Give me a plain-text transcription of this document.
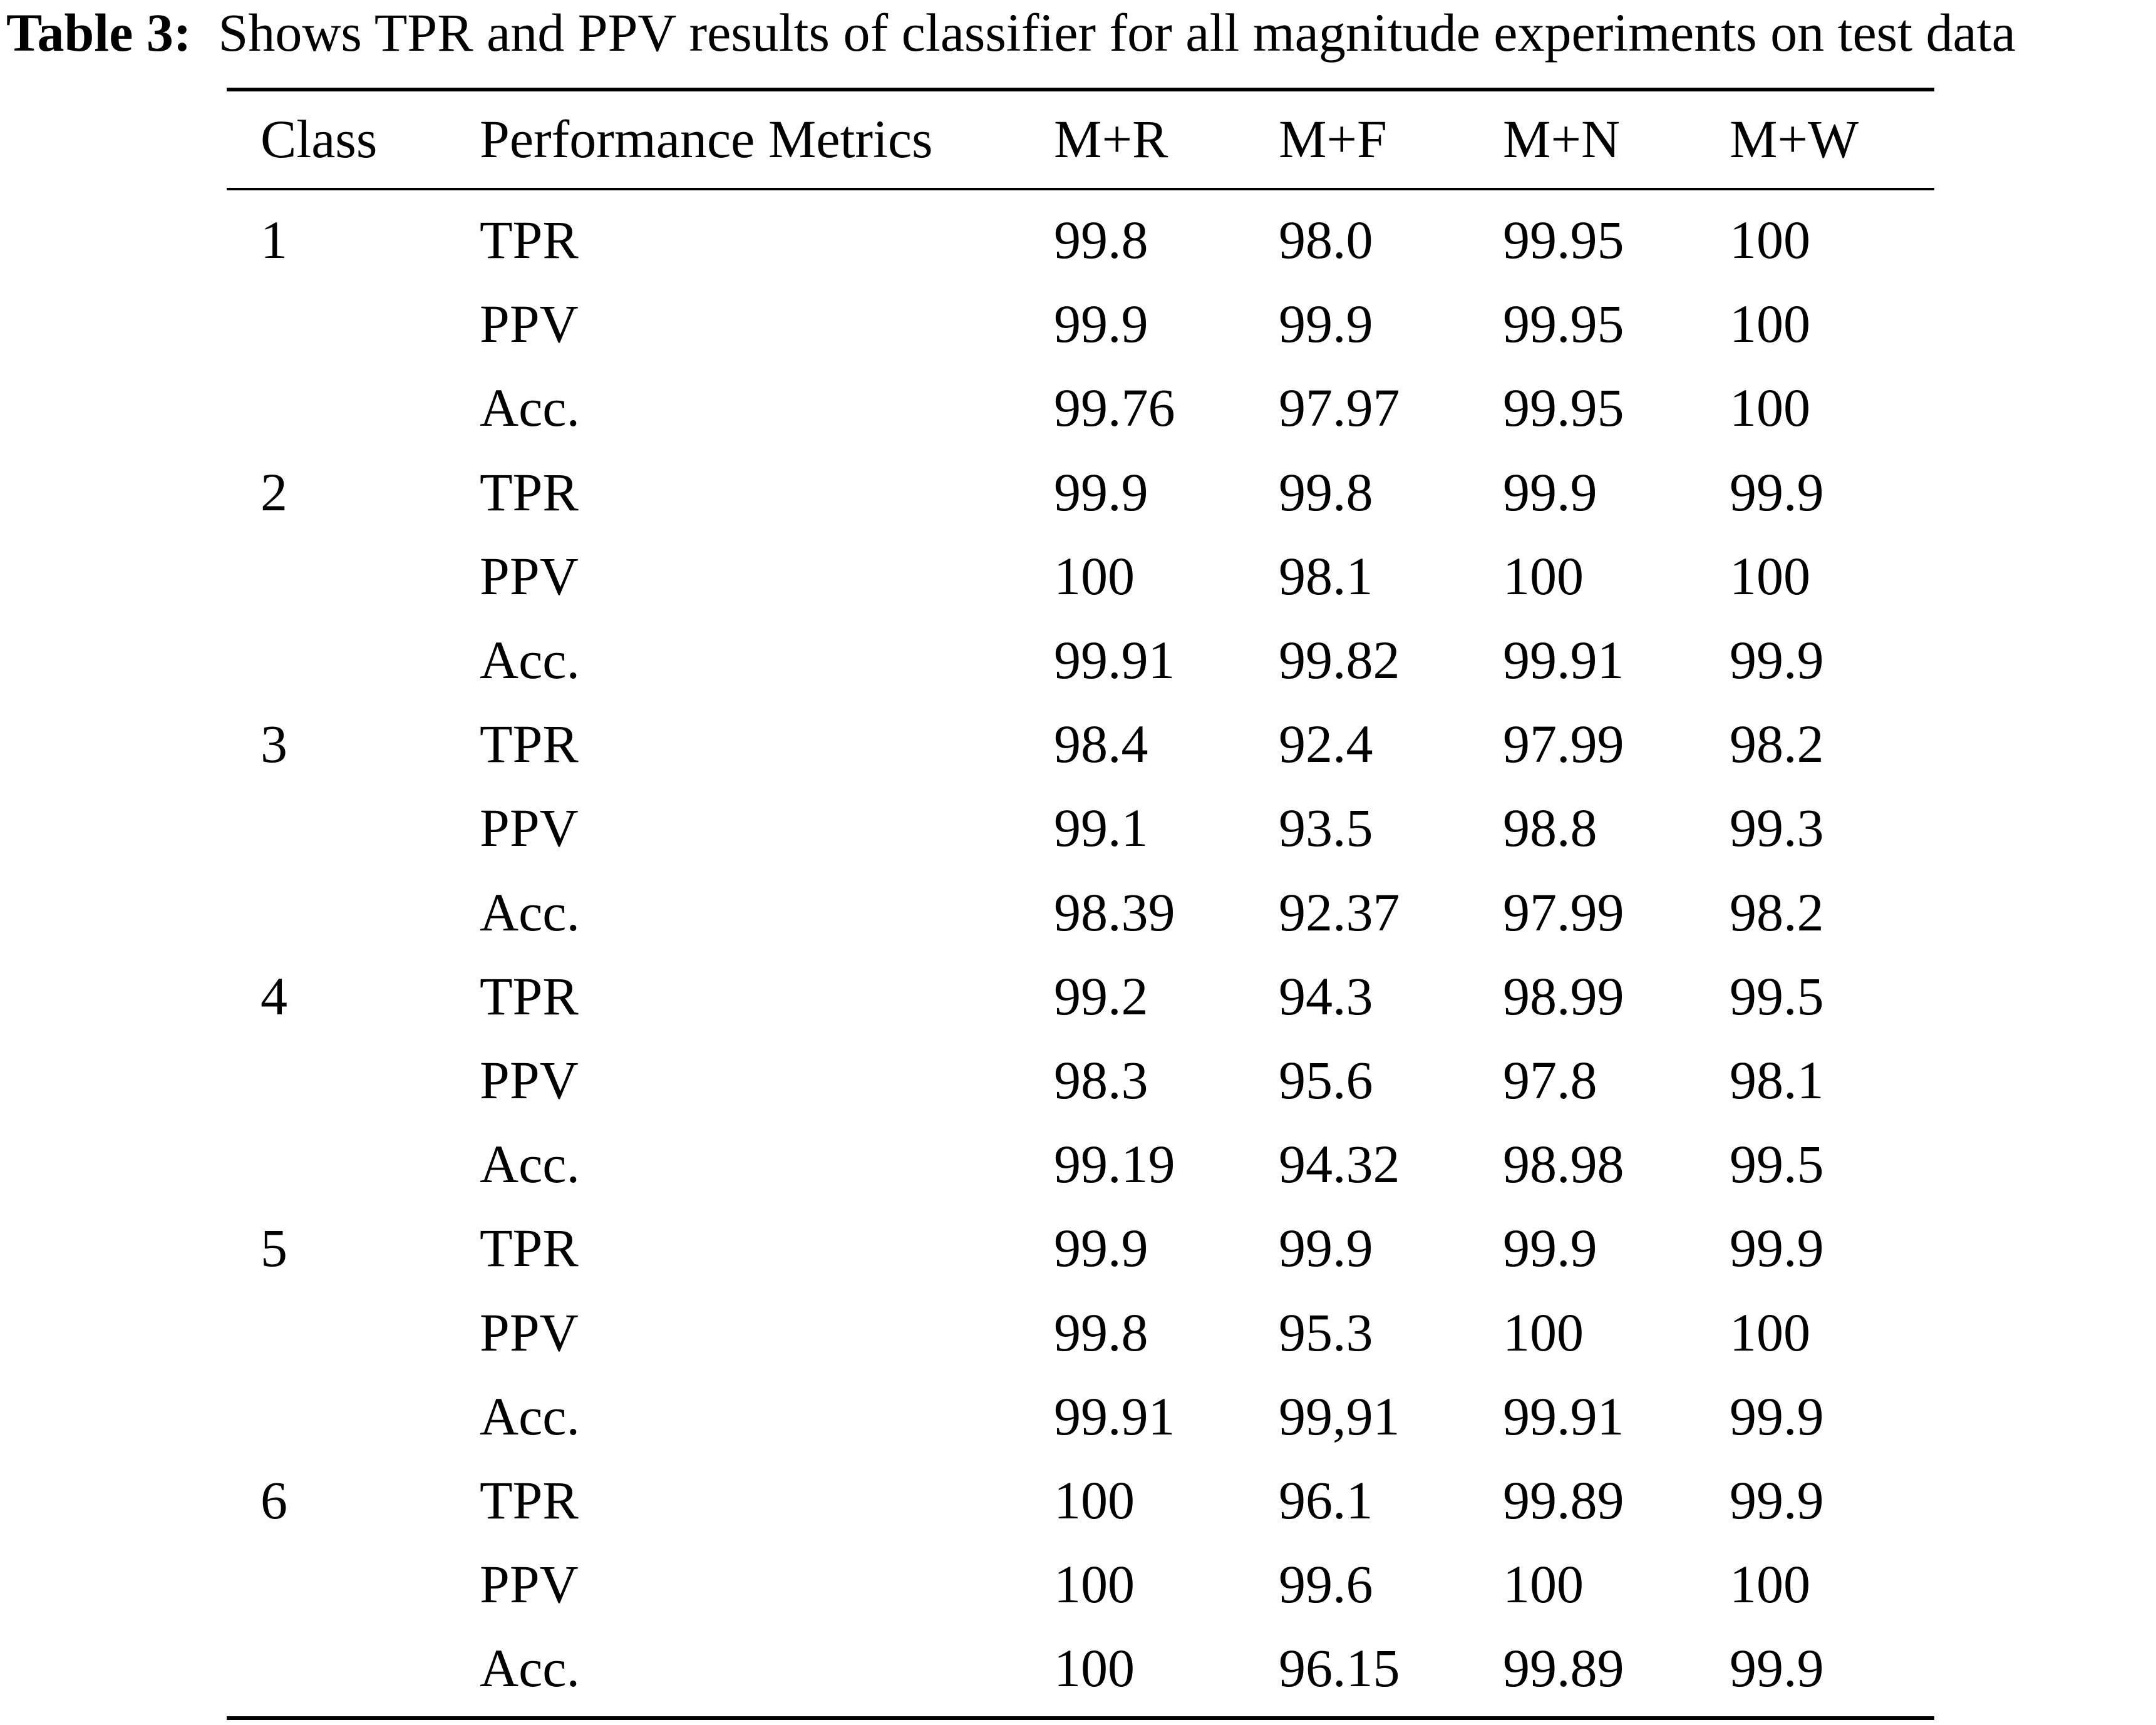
Table 3: Shows TPR and PPV results of classifier for all magnitude experiments on test data
Class Performance Metrics M+R M+F M+N M+W
1	TPR	99.8 98.0 99.95 100
PPV	99.9 99.9 99.95 100
Acc.	99.76 97.97 99.95 100
2	TPR	99.9 99.8 99.9 99.9
PPV	100	98.1 100	100
Acc.	99.91 99.82 99.91 99.9
3	TPR	98.4 92.4 97.99 98.2
PPV	99.1 93.5 98.8 99.3
Acc.	98.39 92.37 97.99 98.2
4	TPR	99.2 94.3 98.99 99.5
PPV	98.3 95.6 97.8 98.1
Acc.	99.19 94.32 98.98 99.5
5	TPR	99.9 99.9 99.9 99.9
PPV	99.8 95.3 100	100
Acc.	99.91 99,91 99.91 99.9
6	TPR	100	96.1 99.89 99.9
PPV	100	99.6 100	100
Acc.	100	96.15 99.89 99.9
